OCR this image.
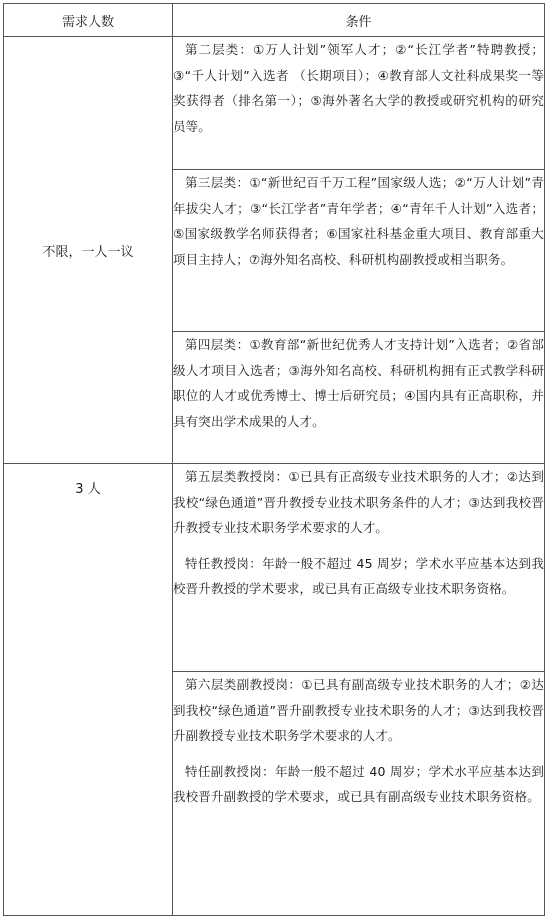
需求人数	条件
不限，一人一议	第二层类：①万人计划”领军人才；②“长江学者”特聘教授；③“千人计划”入选者 （长期项目）；④教育部人文社科成果奖一等奖获得者（排名第一）；⑤海外著名大学的教授或研究机构的研究员等。

	第三层类：①“新世纪百千万工程”国家级人选；②“万人计划”青年拔尖人才；③“长江学者”青年学者；④“青年千人计划”入选者；⑤国家级教学名师获得者；⑥国家社科基金重大项目、教育部重大项目主持人；⑦海外知名高校、科研机构副教授或相当职务。

	第四层类：①教育部“新世纪优秀人才支持计划”入选者；②省部级人才项目入选者；③海外知名高校、科研机构拥有正式教学科研职位的人才或优秀博士、博士后研究员；④国内具有正高职称，并具有突出学术成果的人才。

3 人	第五层类教授岗：①已具有正高级专业技术职务的人才；②达到我校“绿色通道”晋升教授专业技术职务条件的人才；③达到我校晋升教授专业技术职务学术要求的人才。

特任教授岗：年龄一般不超过 45 周岁；学术水平应基本达到我校晋升教授的学术要求，或已具有正高级专业技术职务资格。

	第六层类副教授岗：①已具有副高级专业技术职务的人才；②达到我校“绿色通道”晋升副教授专业技术职务的人才；③达到我校晋升副教授专业技术职务学术要求的人才。

特任副教授岗：年龄一般不超过 40 周岁；学术水平应基本达到我校晋升副教授的学术要求，或已具有副高级专业技术职务资格。
